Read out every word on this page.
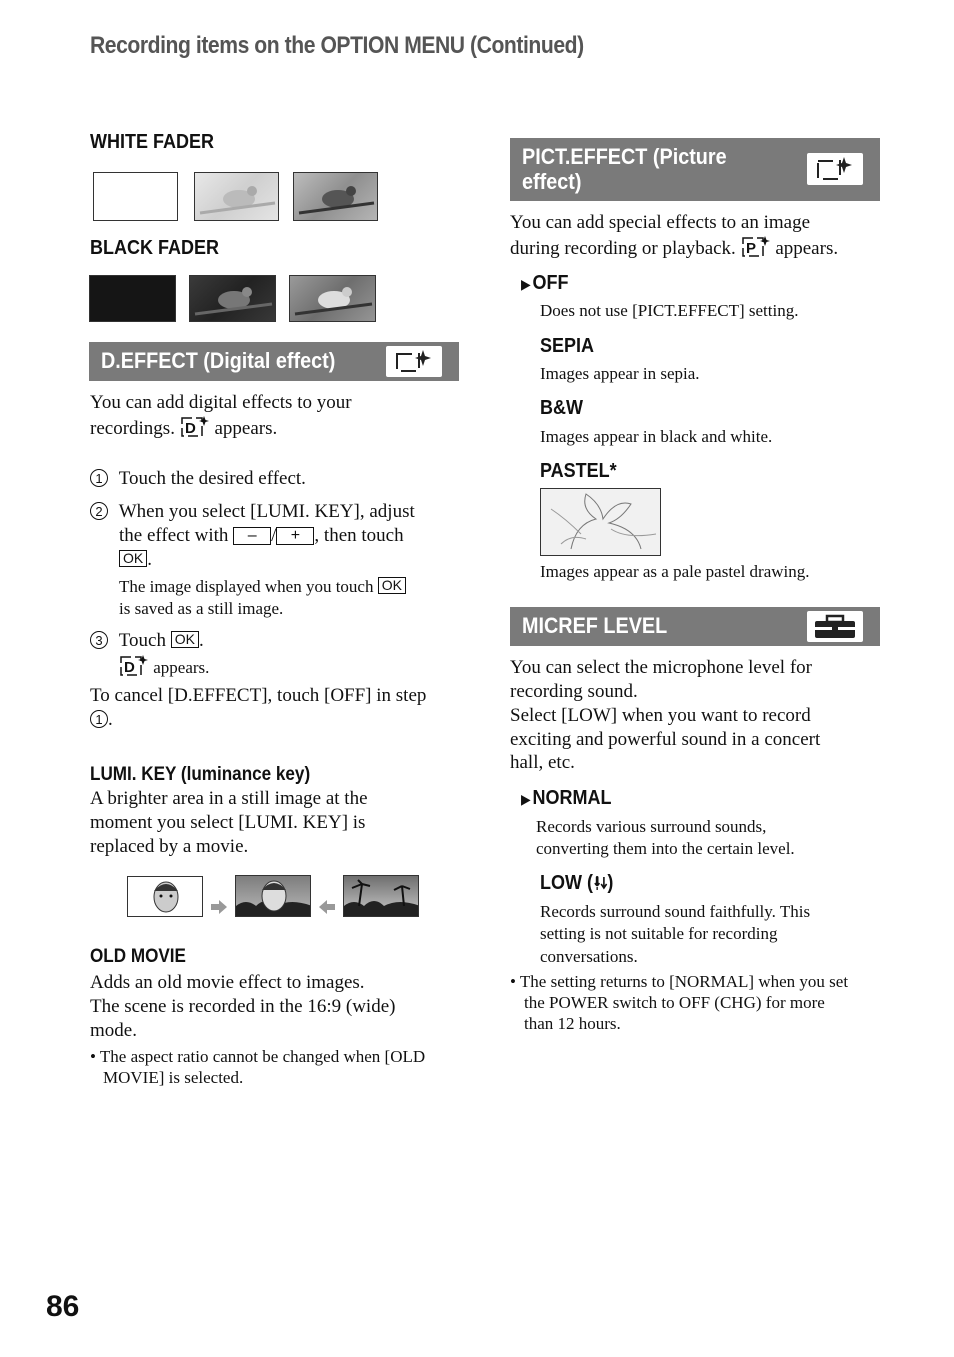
Recording items on the OPTION MENU (Continued)
WHITE FADER
BLACK FADER
D.EFFECT (Digital effect)
You can add digital effects to your
recordings. D appears.
1 Touch the desired effect.
2 When you select [LUMI. KEY], adjust
the effect with – / + , then touch
OK .
The image displayed when you touch OK
is saved as a still image.
3 Touch OK .
D appears.
To cancel [D.EFFECT], touch [OFF] in step
1 .
LUMI. KEY (luminance key)
A brighter area in a still image at the
moment you select [LUMI. KEY] is
replaced by a movie.
OLD MOVIE
Adds an old movie effect to images.
The scene is recorded in the 16:9 (wide)
mode.
• The aspect ratio cannot be changed when [OLD
MOVIE] is selected.
PICT.EFFECT (Picture
effect)
You can add special effects to an image
during recording or playback. P appears.
▶OFF
Does not use [PICT.EFFECT] setting.
SEPIA
Images appear in sepia.
B&W
Images appear in black and white.
PASTEL*
Images appear as a pale pastel drawing.
MICREF LEVEL
You can select the microphone level for
recording sound.
Select [LOW] when you want to record
exciting and powerful sound in a concert
hall, etc.
▶NORMAL
Records various surround sounds,
converting them into the certain level.
LOW ( )
Records surround sound faithfully. This
setting is not suitable for recording
conversations.
• The setting returns to [NORMAL] when you set
the POWER switch to OFF (CHG) for more
than 12 hours.
86
